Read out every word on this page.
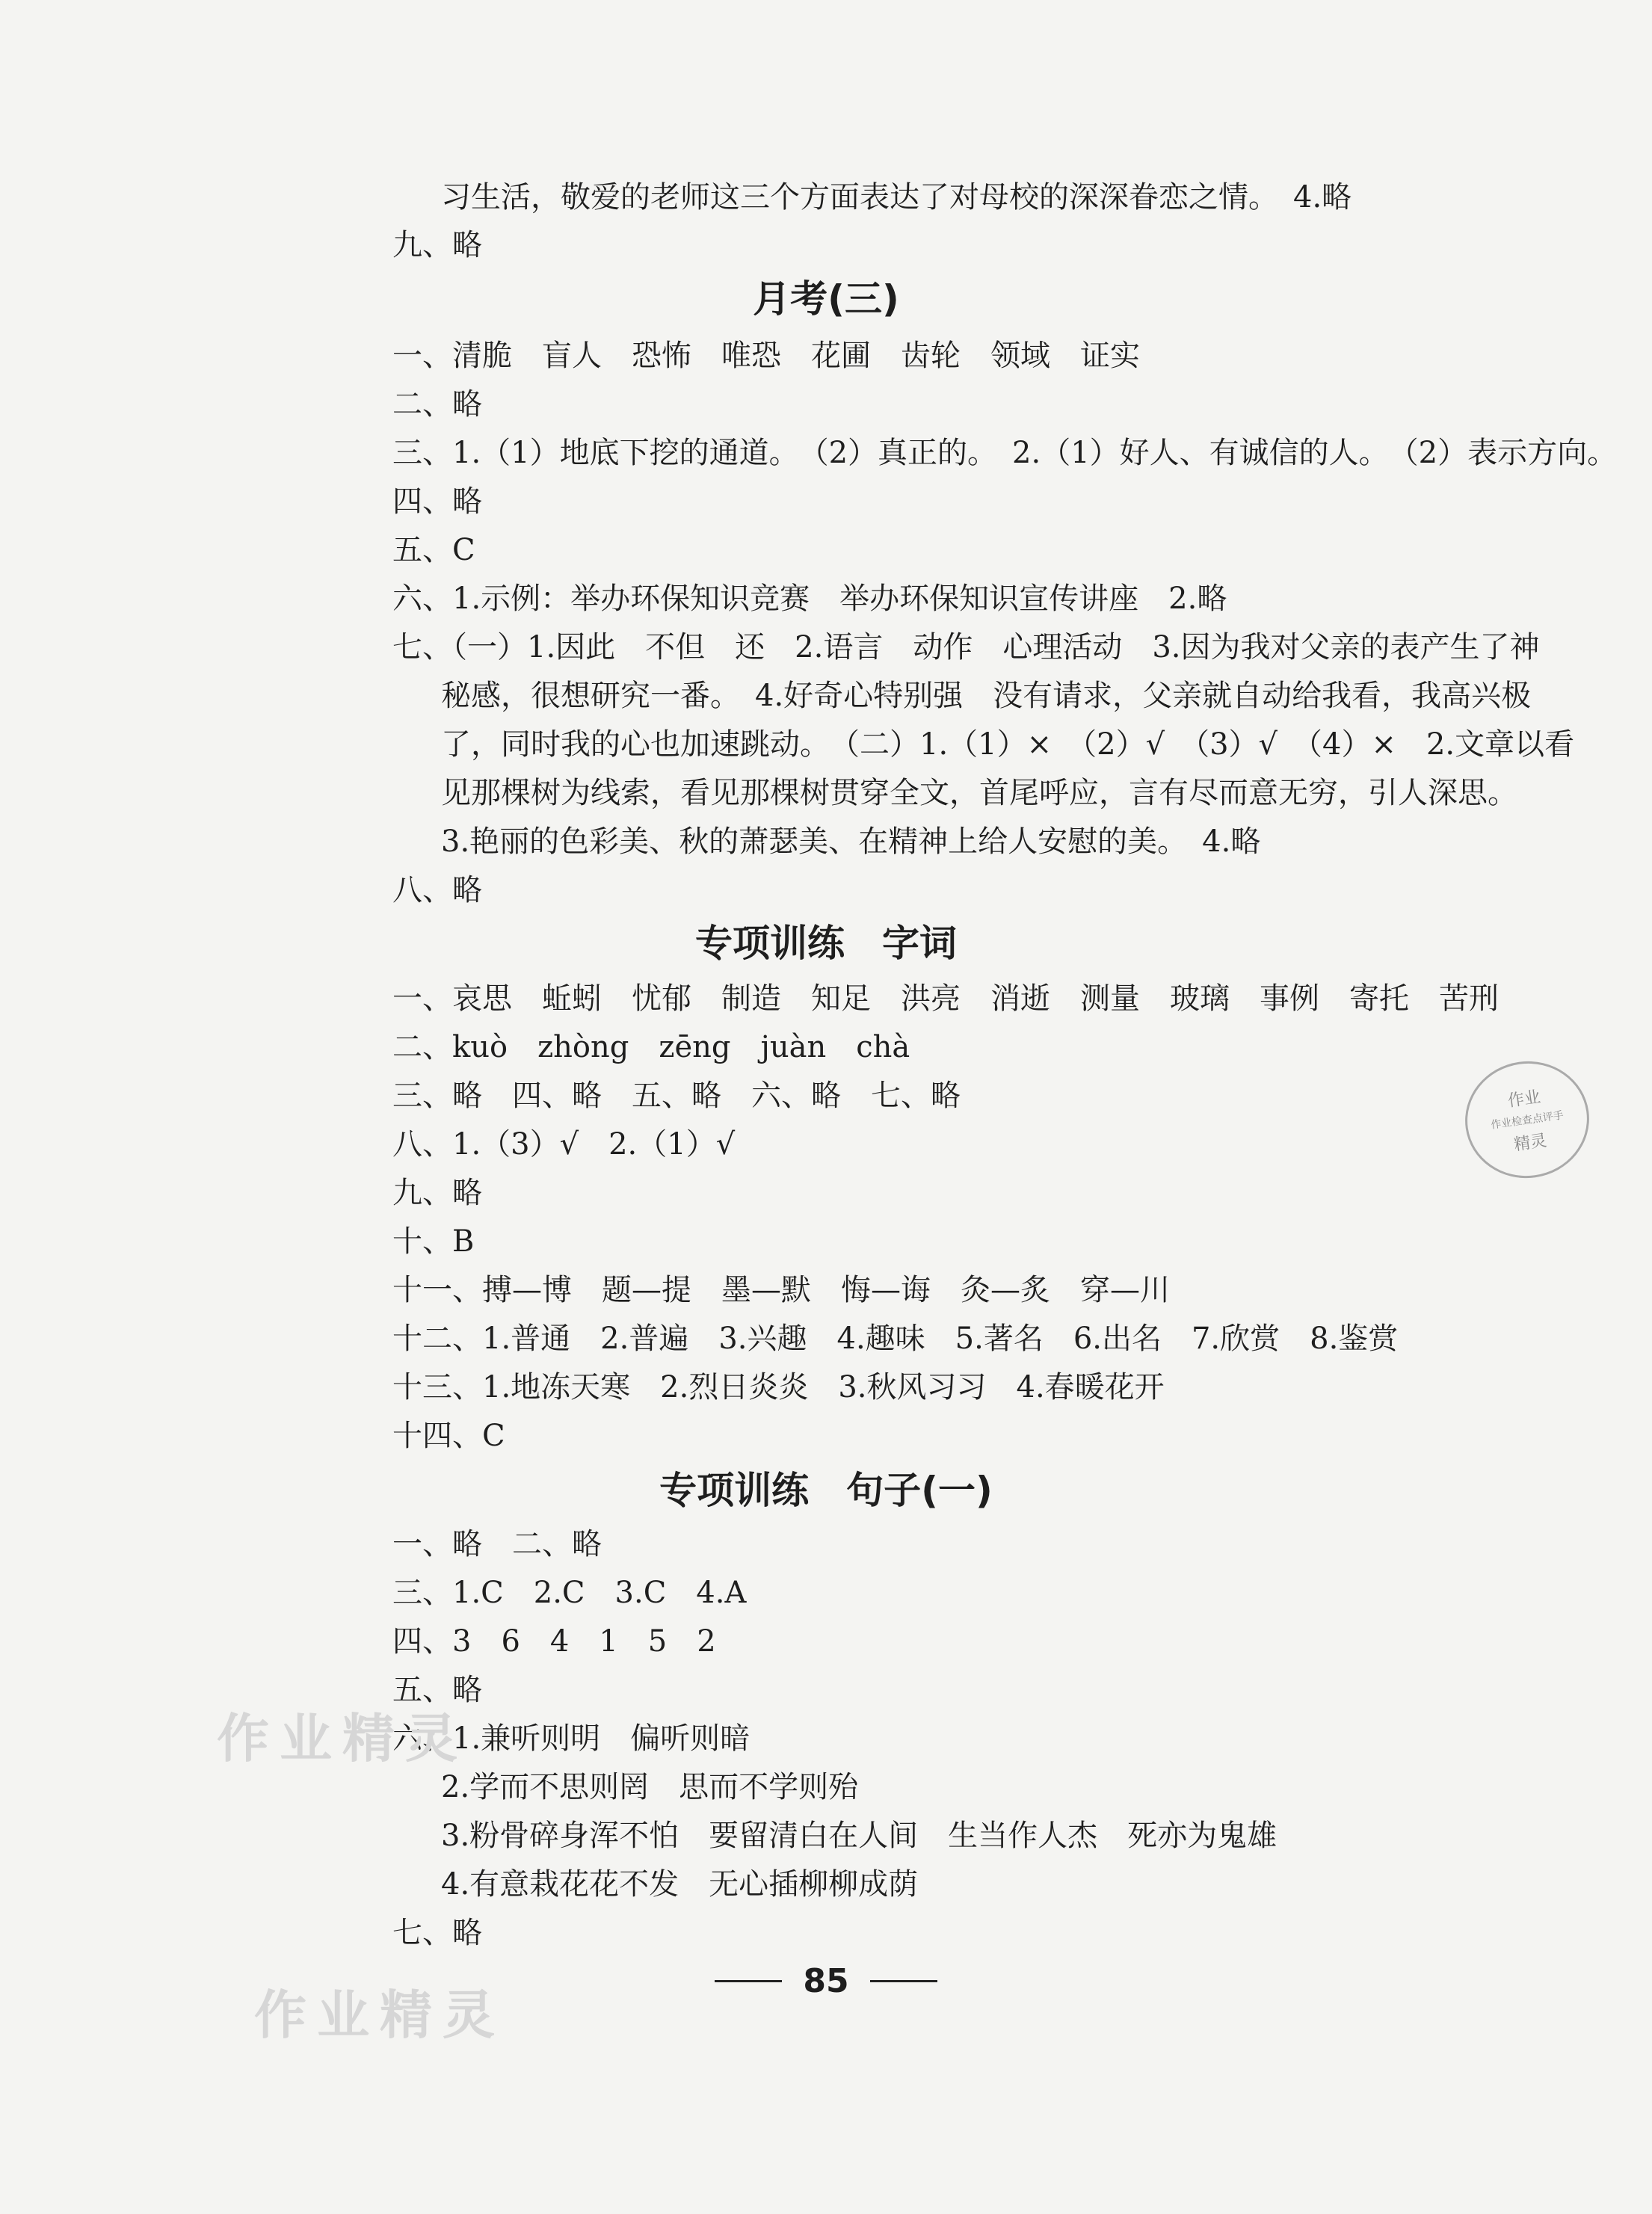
习生活，敬爱的老师这三个方面表达了对母校的深深眷恋之情。　4.略
九、略
月考(三)
一、清脆　盲人　恐怖　唯恐　花圃　齿轮　领域　证实
二、略
三、1.（1）地底下挖的通道。　（2）真正的。　2.（1）好人、有诚信的人。　（2）表示方向。
四、略
五、C
六、1.示例：举办环保知识竞赛　举办环保知识宣传讲座　2.略
七、（一）1.因此　不但　还　2.语言　动作　心理活动　3.因为我对父亲的表产生了神
秘感，很想研究一番。　4.好奇心特别强　没有请求，父亲就自动给我看，我高兴极
了，同时我的心也加速跳动。　（二）1.（1）×　（2）√　（3）√　（4）×　2.文章以看
见那棵树为线索，看见那棵树贯穿全文，首尾呼应，言有尽而意无穷，引人深思。
3.艳丽的色彩美、秋的萧瑟美、在精神上给人安慰的美。　4.略
八、略
专项训练　字词
一、哀思　蚯蚓　忧郁　制造　知足　洪亮　消逝　测量　玻璃　事例　寄托　苦刑
二、kuò　zhòng　zēng　juàn　chà
三、略　四、略　五、略　六、略　七、略
八、1.（3）√　2.（1）√
九、略
十、B
十一、搏—博　题—提　墨—默　悔—诲　灸—炙　穿—川
十二、1.普通　2.普遍　3.兴趣　4.趣味　5.著名　6.出名　7.欣赏　8.鉴赏
十三、1.地冻天寒　2.烈日炎炎　3.秋风习习　4.春暖花开
十四、C
专项训练　句子(一)
一、略　二、略
三、1.C　2.C　3.C　4.A
四、3　6　4　1　5　2
五、略
六、1.兼听则明　偏听则暗
2.学而不思则罔　思而不学则殆
3.粉骨碎身浑不怕　要留清白在人间　生当作人杰　死亦为鬼雄
4.有意栽花花不发　无心插柳柳成荫
七、略
85
作业
作业检查点评手
精灵
作业精灵
作业精灵
